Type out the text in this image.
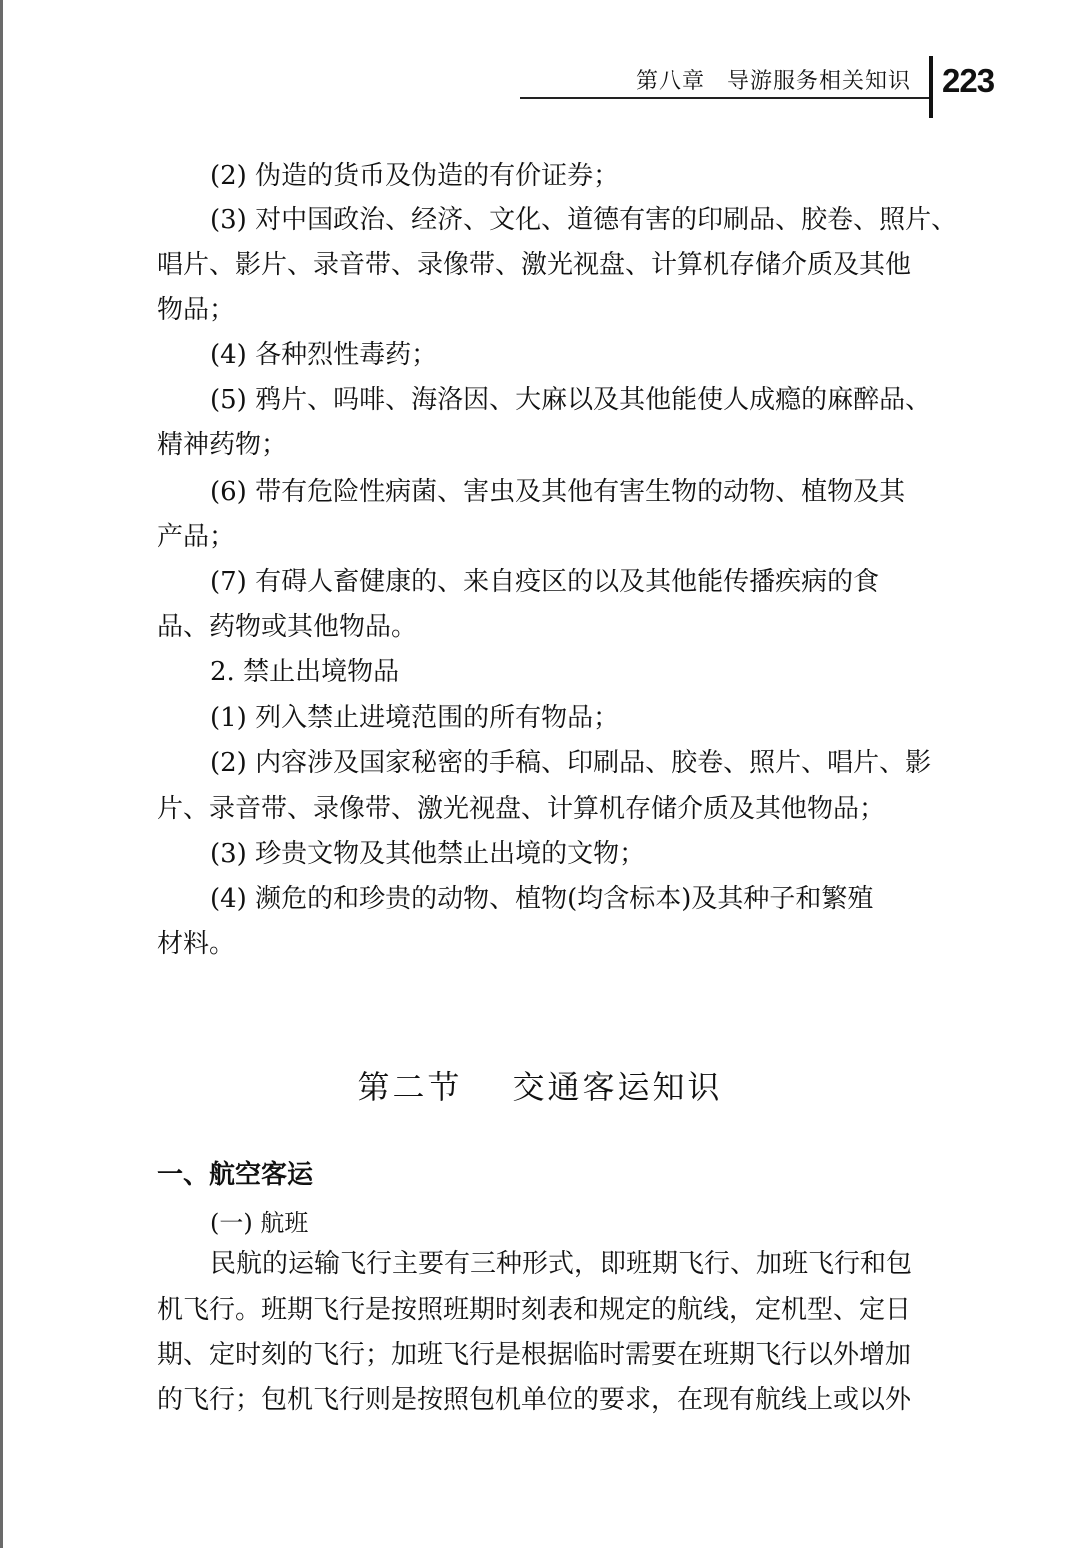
第八章 导游服务相关知识 223
(2) 伪造的货币及伪造的有价证券；
(3) 对中国政治、经济、文化、道德有害的印刷品、胶卷、照片、
唱片、影片、录音带、录像带、激光视盘、计算机存储介质及其他
物品；
(4) 各种烈性毒药；
(5) 鸦片、吗啡、海洛因、大麻以及其他能使人成瘾的麻醉品、
精神药物；
(6) 带有危险性病菌、害虫及其他有害生物的动物、植物及其
产品；
(7) 有碍人畜健康的、来自疫区的以及其他能传播疾病的食
品、药物或其他物品。
2. 禁止出境物品
(1) 列入禁止进境范围的所有物品；
(2) 内容涉及国家秘密的手稿、印刷品、胶卷、照片、唱片、影
片、录音带、录像带、激光视盘、计算机存储介质及其他物品；
(3) 珍贵文物及其他禁止出境的文物；
(4) 濒危的和珍贵的动物、植物(均含标本)及其种子和繁殖
材料。
第二节 交通客运知识
一、航空客运
(一) 航班
民航的运输飞行主要有三种形式，即班期飞行、加班飞行和包
机飞行。班期飞行是按照班期时刻表和规定的航线，定机型、定日
期、定时刻的飞行；加班飞行是根据临时需要在班期飞行以外增加
的飞行；包机飞行则是按照包机单位的要求，在现有航线上或以外
